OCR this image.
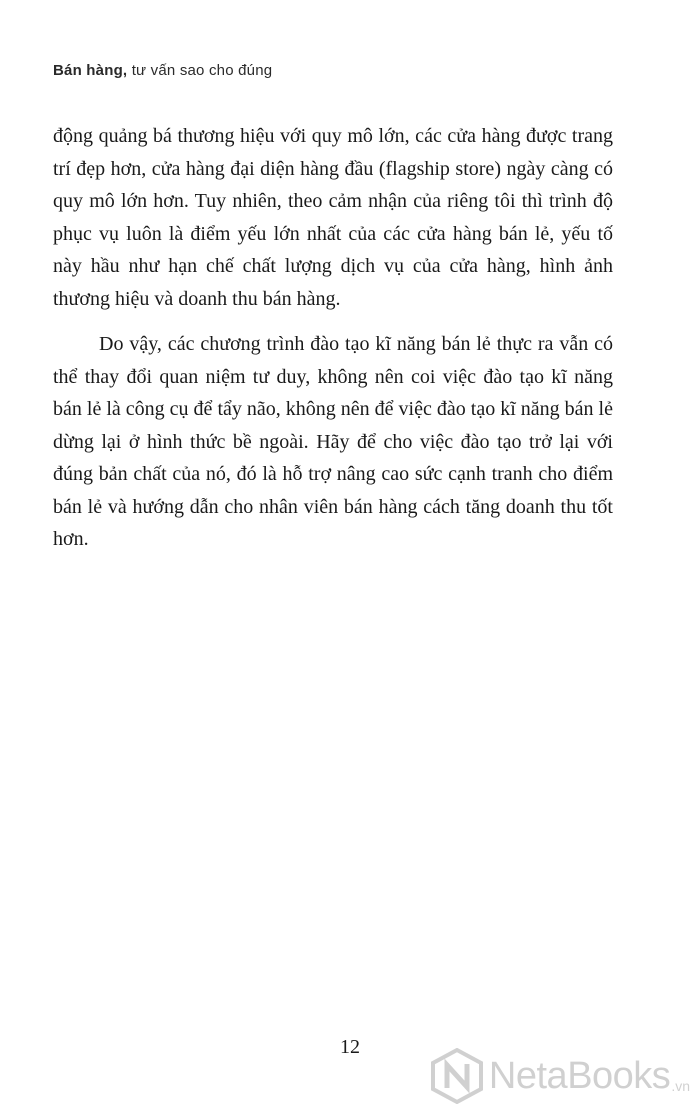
Bán hàng, tư vấn sao cho đúng

động quảng bá thương hiệu với quy mô lớn, các cửa hàng được trang trí đẹp hơn, cửa hàng đại diện hàng đầu (flagship store) ngày càng có quy mô lớn hơn. Tuy nhiên, theo cảm nhận của riêng tôi thì trình độ phục vụ luôn là điểm yếu lớn nhất của các cửa hàng bán lẻ, yếu tố này hầu như hạn chế chất lượng dịch vụ của cửa hàng, hình ảnh thương hiệu và doanh thu bán hàng.

Do vậy, các chương trình đào tạo kĩ năng bán lẻ thực ra vẫn có thể thay đổi quan niệm tư duy, không nên coi việc đào tạo kĩ năng bán lẻ là công cụ để tẩy não, không nên để việc đào tạo kĩ năng bán lẻ dừng lại ở hình thức bề ngoài. Hãy để cho việc đào tạo trở lại với đúng bản chất của nó, đó là hỗ trợ nâng cao sức cạnh tranh cho điểm bán lẻ và hướng dẫn cho nhân viên bán hàng cách tăng doanh thu tốt hơn.

12
NetaBooks .vn
